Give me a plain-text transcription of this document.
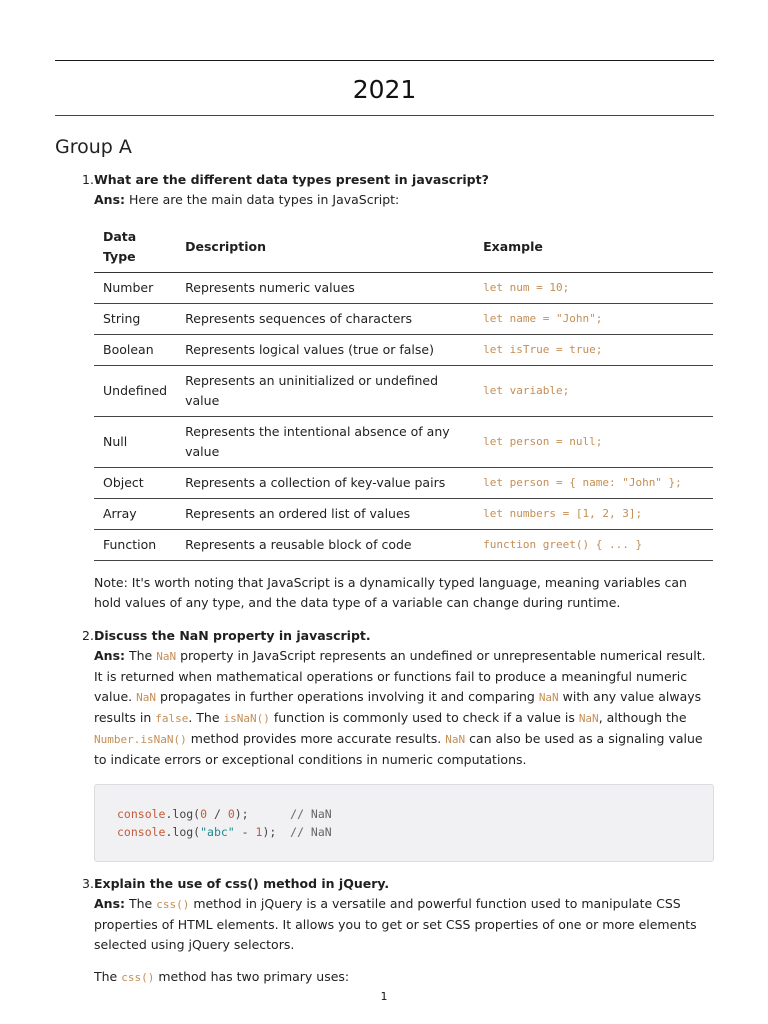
2021
Group A
1. What are the different data types present in javascript?
Ans: Here are the main data types in JavaScript:
Data Type	Description	Example
Number	Represents numeric values	let num = 10;
String	Represents sequences of characters	let name = "John";
Boolean	Represents logical values (true or false)	let isTrue = true;
Undefined	Represents an uninitialized or undefined value	let variable;
Null	Represents the intentional absence of any value	let person = null;
Object	Represents a collection of key-value pairs	let person = { name: "John" };
Array	Represents an ordered list of values	let numbers = [1, 2, 3];
Function	Represents a reusable block of code	function greet() { ... }
Note: It's worth noting that JavaScript is a dynamically typed language, meaning variables can hold values of any type, and the data type of a variable can change during runtime.
2. Discuss the NaN property in javascript.
Ans: The NaN property in JavaScript represents an undefined or unrepresentable numerical result. It is returned when mathematical operations or functions fail to produce a meaningful numeric value. NaN propagates in further operations involving it and comparing NaN with any value always results in false. The isNaN() function is commonly used to check if a value is NaN, although the Number.isNaN() method provides more accurate results. NaN can also be used as a signaling value to indicate errors or exceptional conditions in numeric computations.
console.log(0 / 0);      // NaN
console.log("abc" - 1);  // NaN
3. Explain the use of css() method in jQuery.
Ans: The css() method in jQuery is a versatile and powerful function used to manipulate CSS properties of HTML elements. It allows you to get or set CSS properties of one or more elements selected using jQuery selectors.
The css() method has two primary uses:
1
